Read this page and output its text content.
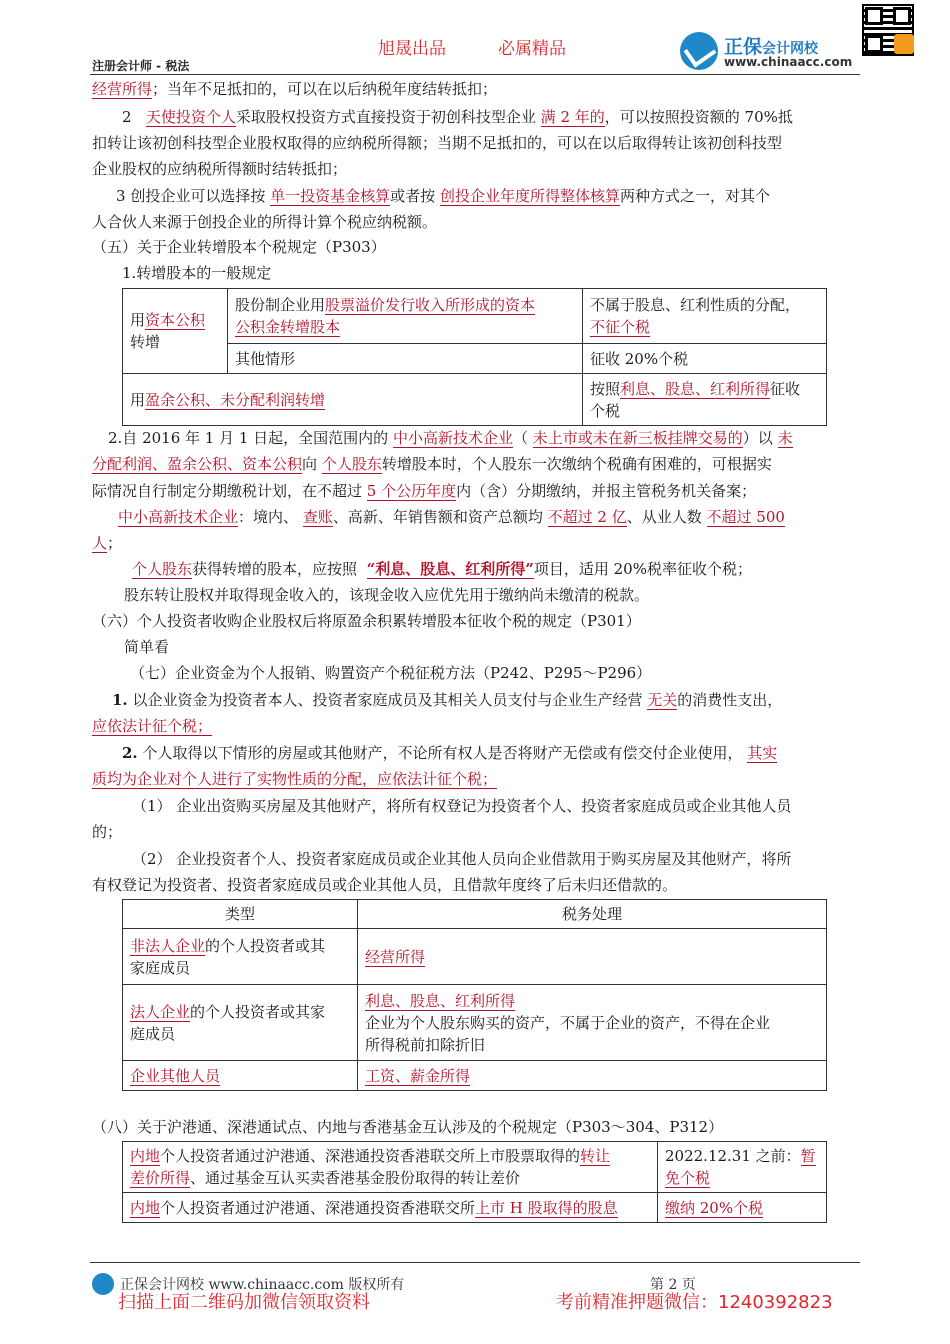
旭晟出品	必属精品	正保会计网校
www.chinaacc.com
注册会计师 - 税法
经营所得；当年不足抵扣的，可以在以后纳税年度结转抵扣；
2 天使投资个人采取股权投资方式直接投资于初创科技型企业 满 2 年的，可以按照投资额的 70%抵
扣转让该初创科技型企业股权取得的应纳税所得额；当期不足抵扣的，可以在以后取得转让该初创科技型
企业股权的应纳税所得额时结转抵扣；
3 创投企业可以选择按 单一投资基金核算或者按 创投企业年度所得整体核算两种方式之一，对其个
人合伙人来源于创投企业的所得计算个税应纳税额。
（五）关于企业转增股本个税规定（P303）
1.转增股本的一般规定
用资本公积
转增	股份制企业用股票溢价发行收入所形成的资本
公积金转增股本	不属于股息、红利性质的分配，
不征个税
	其他情形	征收 20%个税
用盈余公积、未分配利润转增		按照利息、股息、红利所得征收
个税
2.自 2016 年 1 月 1 日起，全国范围内的 中小高新技术企业（ 未上市或未在新三板挂牌交易的）以 未
分配利润、盈余公积、资本公积向 个人股东转增股本时，个人股东一次缴纳个税确有困难的，可根据实
际情况自行制定分期缴税计划，在不超过 5 个公历年度内（含）分期缴纳，并报主管税务机关备案；
中小高新技术企业：境内、 查账、高新、年销售额和资产总额均 不超过 2 亿、从业人数 不超过 500
人；
个人股东获得转增的股本，应按照 “利息、股息、红利所得”项目，适用 20%税率征收个税；
股东转让股权并取得现金收入的，该现金收入应优先用于缴纳尚未缴清的税款。
（六）个人投资者收购企业股权后将原盈余积累转增股本征收个税的规定（P301）
简单看
（七）企业资金为个人报销、购置资产个税征税方法（P242、P295～P296）
1. 以企业资金为投资者本人、投资者家庭成员及其相关人员支付与企业生产经营 无关的消费性支出，
应依法计征个税；
2. 个人取得以下情形的房屋或其他财产，不论所有权人是否将财产无偿或有偿交付企业使用， 其实
质均为企业对个人进行了实物性质的分配，应依法计征个税；
（1） 企业出资购买房屋及其他财产，将所有权登记为投资者个人、投资者家庭成员或企业其他人员
的；
（2） 企业投资者个人、投资者家庭成员或企业其他人员向企业借款用于购买房屋及其他财产，将所
有权登记为投资者、投资者家庭成员或企业其他人员，且借款年度终了后未归还借款的。
类型	税务处理
非法人企业的个人投资者或其
家庭成员	经营所得
法人企业的个人投资者或其家
庭成员	利息、股息、红利所得
企业为个人股东购买的资产，不属于企业的资产，不得在企业
所得税前扣除折旧
企业其他人员	工资、薪金所得
（八）关于沪港通、深港通试点、内地与香港基金互认涉及的个税规定（P303～304、P312）
内地个人投资者通过沪港通、深港通投资香港联交所上市股票取得的转让
差价所得、通过基金互认买卖香港基金股份取得的转让差价	2022.12.31 之前：暂
免个税
内地个人投资者通过沪港通、深港通投资香港联交所上市 H 股取得的股息	缴纳 20%个税
正保会计网校 www.chinaacc.com 版权所有	第 2 页
扫描上面二维码加微信领取资料	考前精准押题微信：1240392823
